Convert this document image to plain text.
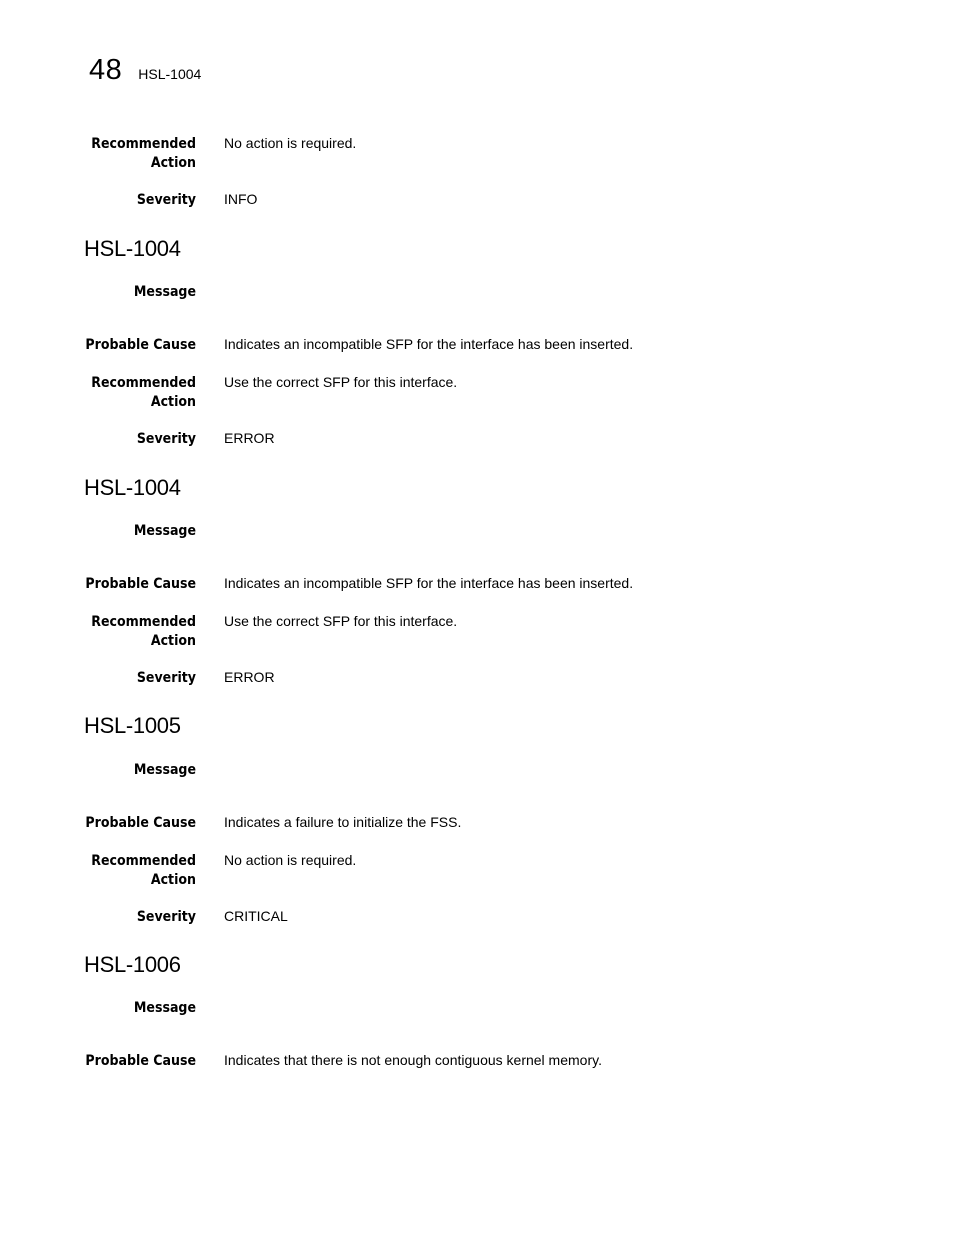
48 HSL-1004
Recommended
Action
No action is required.
Severity INFO
HSL-1004
Message
Probable Cause Indicates an incompatible SFP for the interface has been inserted.
Recommended
Action
Use the correct SFP for this interface.
Severity ERROR
HSL-1004
Message
Probable Cause Indicates an incompatible SFP for the interface has been inserted.
Recommended
Action
Use the correct SFP for this interface.
Severity ERROR
HSL-1005
Message
Probable Cause Indicates a failure to initialize the FSS.
Recommended
Action
No action is required.
Severity CRITICAL
HSL-1006
Message
Probable Cause Indicates that there is not enough contiguous kernel memory.
